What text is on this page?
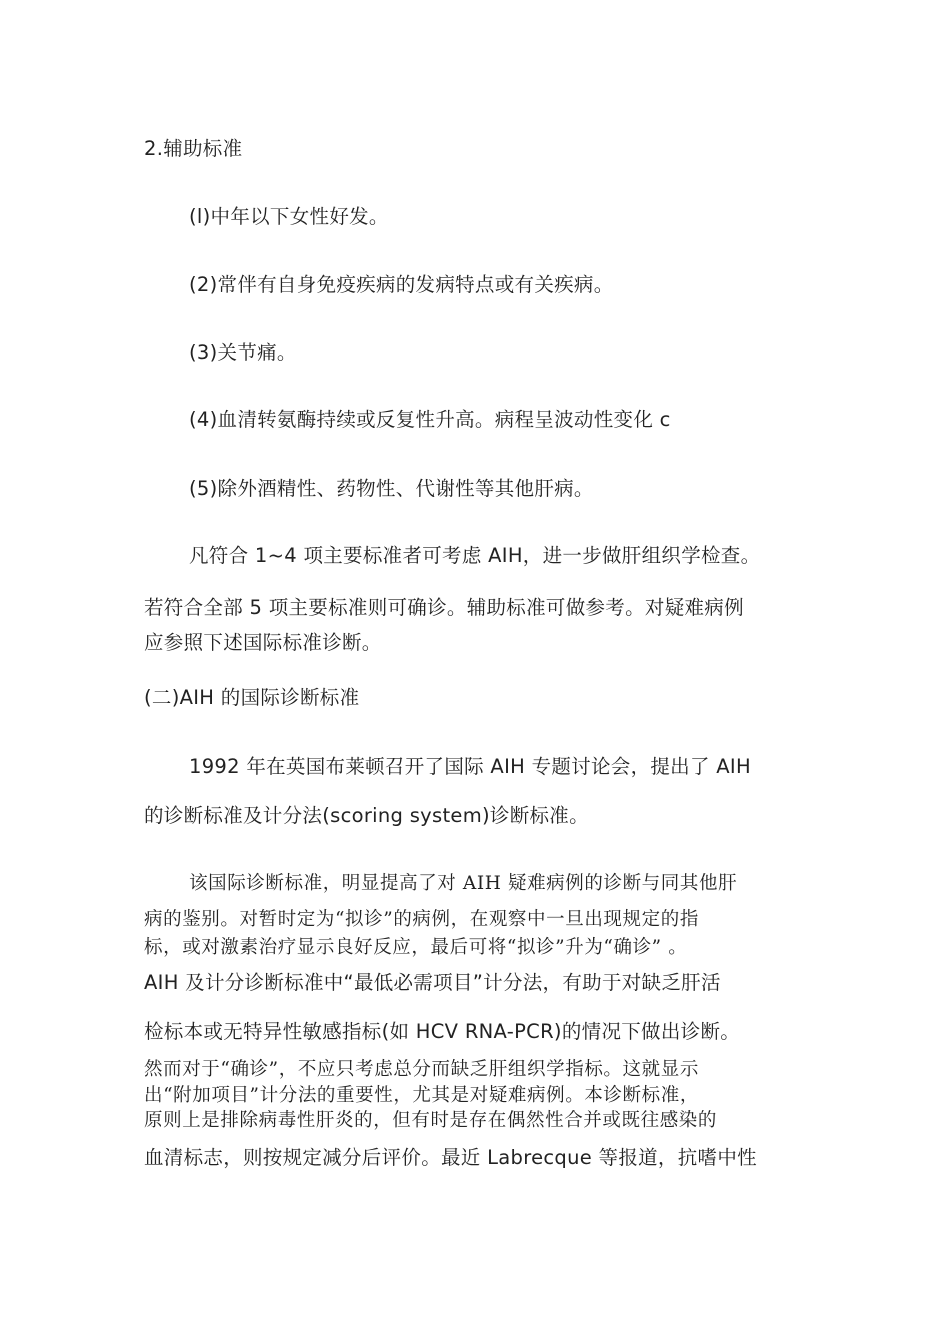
2.辅助标准
(l)中年以下女性好发。
(2)常伴有自身免疫疾病的发病特点或有关疾病。
(3)关节痛。
(4)血清转氨酶持续或反复性升高。病程呈波动性变化 c
(5)除外酒精性、药物性、代谢性等其他肝病。
凡符合 1~4 项主要标准者可考虑 AIH，进一步做肝组织学检查。
若符合全部 5 项主要标准则可确诊。辅助标准可做参考。对疑难病例
应参照下述国际标准诊断。
(二)AIH 的国际诊断标准
1992 年在英国布莱顿召开了国际 AIH 专题讨论会，提出了 AIH
的诊断标准及计分法(scoring system)诊断标准。
该国际诊断标准，明显提高了对 AIH 疑难病例的诊断与同其他肝
病的鉴别。对暂时定为“拟诊”的病例，在观察中一旦出现规定的指
标，或对激素治疗显示良好反应，最后可将“拟诊”升为“确诊” 。
AIH 及计分诊断标准中“最低必需项目”计分法，有助于对缺乏肝活
检标本或无特异性敏感指标(如 HCV RNA-PCR)的情况下做出诊断。
然而对于“确诊”，不应只考虑总分而缺乏肝组织学指标。这就显示
出“附加项目”计分法的重要性，尤其是对疑难病例。本诊断标准，
原则上是排除病毒性肝炎的，但有时是存在偶然性合并或既往感染的
血清标志，则按规定减分后评价。最近 Labrecque 等报道，抗嗜中性
